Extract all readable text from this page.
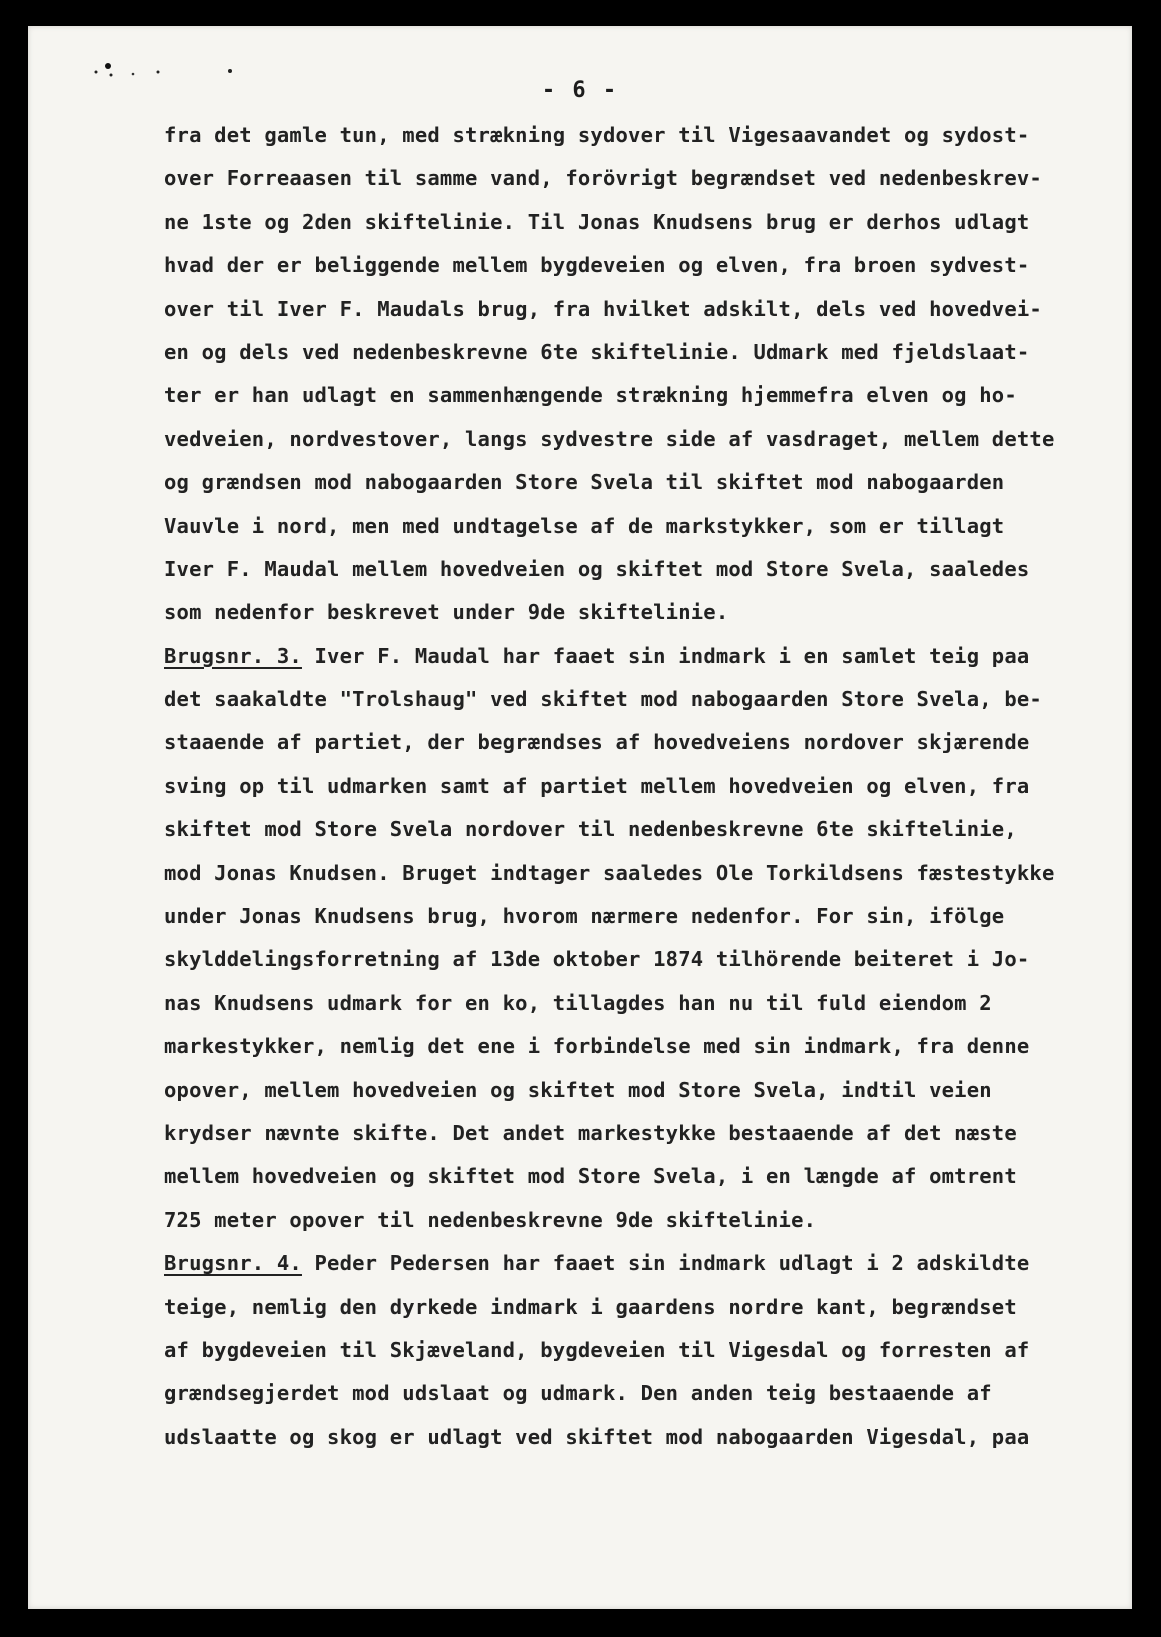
- 6 -
fra det gamle tun, med strækning sydover til Vigesaavandet og sydost-
over Forreaasen til samme vand, forövrigt begrændset ved nedenbeskrev-
ne 1ste og 2den skiftelinie. Til Jonas Knudsens brug er derhos udlagt
hvad der er beliggende mellem bygdeveien og elven, fra broen sydvest-
over til Iver F. Maudals brug, fra hvilket adskilt, dels ved hovedvei-
en og dels ved nedenbeskrevne 6te skiftelinie. Udmark med fjeldslaat-
ter er han udlagt en sammenhængende strækning hjemmefra elven og ho-
vedveien, nordvestover, langs sydvestre side af vasdraget, mellem dette
og grændsen mod nabogaarden Store Svela til skiftet mod nabogaarden
Vauvle i nord, men med undtagelse af de markstykker, som er tillagt
Iver F. Maudal mellem hovedveien og skiftet mod Store Svela, saaledes
som nedenfor beskrevet under 9de skiftelinie.
Brugsnr. 3. Iver F. Maudal har faaet sin indmark i en samlet teig paa
det saakaldte "Trolshaug" ved skiftet mod nabogaarden Store Svela, be-
staaende af partiet, der begrændses af hovedveiens nordover skjærende
sving op til udmarken samt af partiet mellem hovedveien og elven, fra
skiftet mod Store Svela nordover til nedenbeskrevne 6te skiftelinie,
mod Jonas Knudsen. Bruget indtager saaledes Ole Torkildsens fæstestykke
under Jonas Knudsens brug, hvorom nærmere nedenfor. For sin, ifölge
skylddelingsforretning af 13de oktober 1874 tilhörende beiteret i Jo-
nas Knudsens udmark for en ko, tillagdes han nu til fuld eiendom 2
markestykker, nemlig det ene i forbindelse med sin indmark, fra denne
opover, mellem hovedveien og skiftet mod Store Svela, indtil veien
krydser nævnte skifte. Det andet markestykke bestaaende af det næste
mellem hovedveien og skiftet mod Store Svela, i en længde af omtrent
725 meter opover til nedenbeskrevne 9de skiftelinie.
Brugsnr. 4. Peder Pedersen har faaet sin indmark udlagt i 2 adskildte
teige, nemlig den dyrkede indmark i gaardens nordre kant, begrændset
af bygdeveien til Skjæveland, bygdeveien til Vigesdal og forresten af
grændsegjerdet mod udslaat og udmark. Den anden teig bestaaende af
udslaatte og skog er udlagt ved skiftet mod nabogaarden Vigesdal, paa
